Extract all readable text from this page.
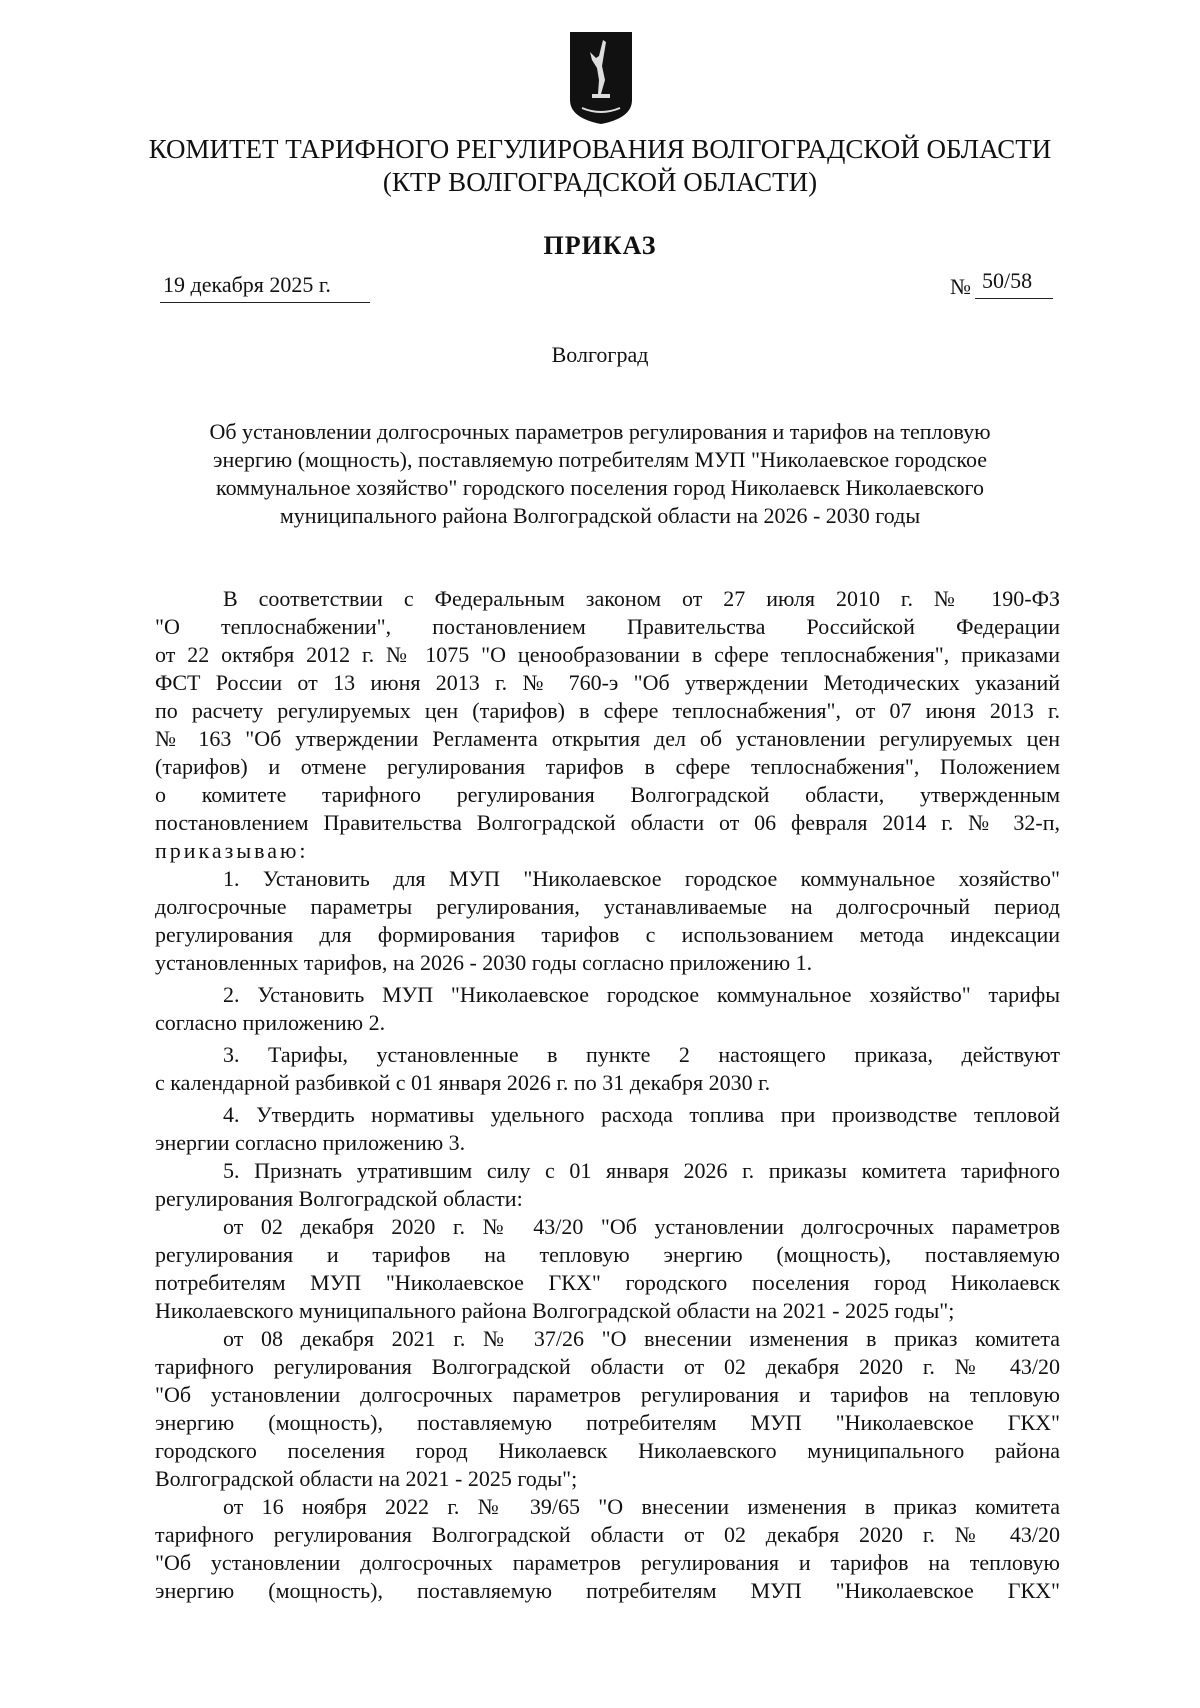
КОМИТЕТ ТАРИФНОГО РЕГУЛИРОВАНИЯ ВОЛГОГРАДСКОЙ ОБЛАСТИ
(КТР ВОЛГОГРАДСКОЙ ОБЛАСТИ)
ПРИКАЗ
19 декабря 2025 г.	№ 50/58
Волгоград
Об установлении долгосрочных параметров регулирования и тарифов на тепловую
энергию (мощность), поставляемую потребителям МУП "Николаевское городское
коммунальное хозяйство" городского поселения город Николаевск Николаевского
муниципального района Волгоградской области на 2026 - 2030 годы
В соответствии с Федеральным законом от 27 июля 2010 г. № 190-ФЗ
"О теплоснабжении", постановлением Правительства Российской Федерации
от 22 октября 2012 г. № 1075 "О ценообразовании в сфере теплоснабжения", приказами
ФСТ России от 13 июня 2013 г. № 760-э "Об утверждении Методических указаний
по расчету регулируемых цен (тарифов) в сфере теплоснабжения", от 07 июня 2013 г.
№ 163 "Об утверждении Регламента открытия дел об установлении регулируемых цен
(тарифов) и отмене регулирования тарифов в сфере теплоснабжения", Положением
о комитете тарифного регулирования Волгоградской области, утвержденным
постановлением Правительства Волгоградской области от 06 февраля 2014 г. № 32-п,
приказываю:
1. Установить для МУП "Николаевское городское коммунальное хозяйство"
долгосрочные параметры регулирования, устанавливаемые на долгосрочный период
регулирования для формирования тарифов с использованием метода индексации
установленных тарифов, на 2026 - 2030 годы согласно приложению 1.
2. Установить МУП "Николаевское городское коммунальное хозяйство" тарифы
согласно приложению 2.
3. Тарифы, установленные в пункте 2 настоящего приказа, действуют
с календарной разбивкой с 01 января 2026 г. по 31 декабря 2030 г.
4. Утвердить нормативы удельного расхода топлива при производстве тепловой
энергии согласно приложению 3.
5. Признать утратившим силу с 01 января 2026 г. приказы комитета тарифного
регулирования Волгоградской области:
от 02 декабря 2020 г. № 43/20 "Об установлении долгосрочных параметров
регулирования и тарифов на тепловую энергию (мощность), поставляемую
потребителям МУП "Николаевское ГКХ" городского поселения город Николаевск
Николаевского муниципального района Волгоградской области на 2021 - 2025 годы";
от 08 декабря 2021 г. № 37/26 "О внесении изменения в приказ комитета
тарифного регулирования Волгоградской области от 02 декабря 2020 г. № 43/20
"Об установлении долгосрочных параметров регулирования и тарифов на тепловую
энергию (мощность), поставляемую потребителям МУП "Николаевское ГКХ"
городского поселения город Николаевск Николаевского муниципального района
Волгоградской области на 2021 - 2025 годы";
от 16 ноября 2022 г. № 39/65 "О внесении изменения в приказ комитета
тарифного регулирования Волгоградской области от 02 декабря 2020 г. № 43/20
"Об установлении долгосрочных параметров регулирования и тарифов на тепловую
энергию (мощность), поставляемую потребителям МУП "Николаевское ГКХ"
